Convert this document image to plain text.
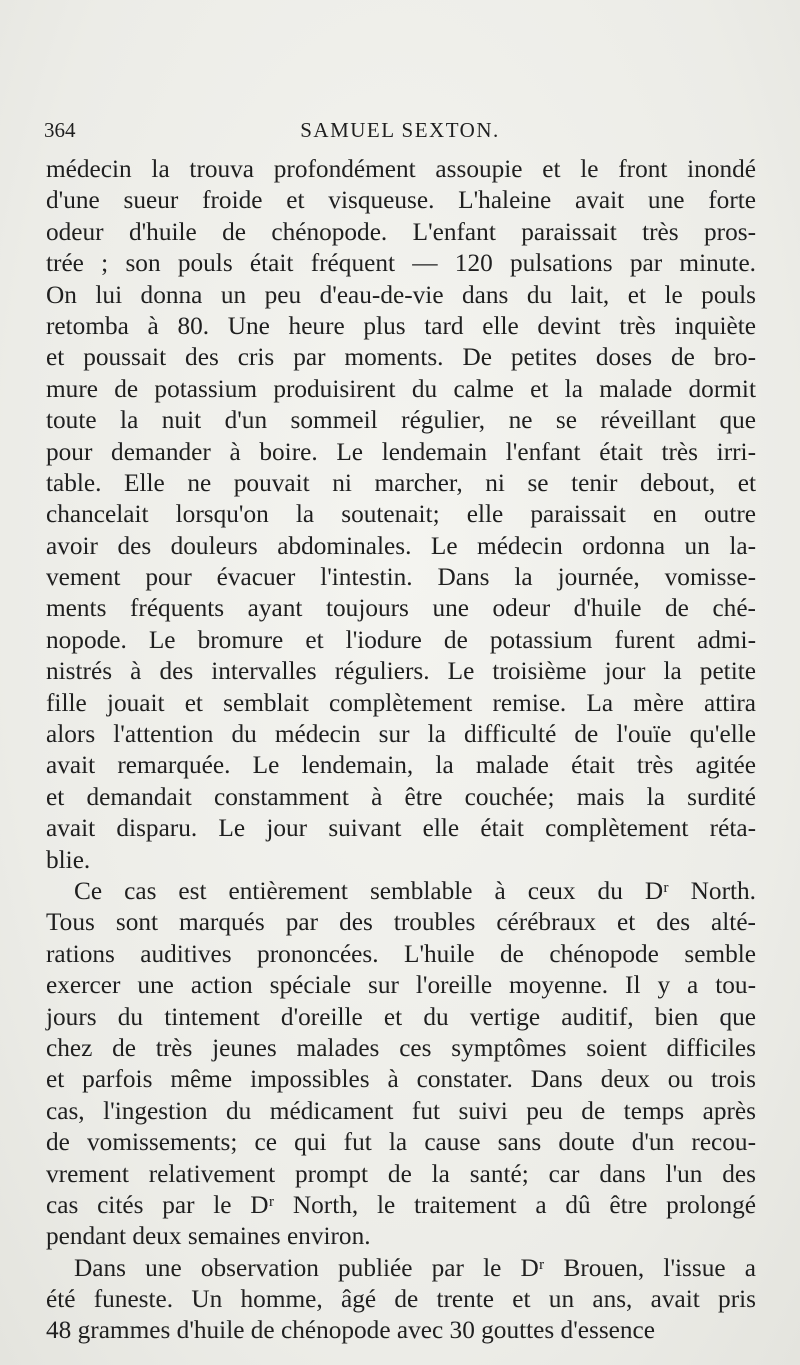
364	SAMUEL SEXTON.
médecin la trouva profondément assoupie et le front inondé
d'une sueur froide et visqueuse. L'haleine avait une forte
odeur d'huile de chénopode. L'enfant paraissait très pros-
trée ; son pouls était fréquent — 120 pulsations par minute.
On lui donna un peu d'eau-de-vie dans du lait, et le pouls
retomba à 80. Une heure plus tard elle devint très inquiète
et poussait des cris par moments. De petites doses de bro-
mure de potassium produisirent du calme et la malade dormit
toute la nuit d'un sommeil régulier, ne se réveillant que
pour demander à boire. Le lendemain l'enfant était très irri-
table. Elle ne pouvait ni marcher, ni se tenir debout, et
chancelait lorsqu'on la soutenait; elle paraissait en outre
avoir des douleurs abdominales. Le médecin ordonna un la-
vement pour évacuer l'intestin. Dans la journée, vomisse-
ments fréquents ayant toujours une odeur d'huile de ché-
nopode. Le bromure et l'iodure de potassium furent admi-
nistrés à des intervalles réguliers. Le troisième jour la petite
fille jouait et semblait complètement remise. La mère attira
alors l'attention du médecin sur la difficulté de l'ouïe qu'elle
avait remarquée. Le lendemain, la malade était très agitée
et demandait constamment à être couchée; mais la surdité
avait disparu. Le jour suivant elle était complètement réta-
blie.
Ce cas est entièrement semblable à ceux du Dʳ North.
Tous sont marqués par des troubles cérébraux et des alté-
rations auditives prononcées. L'huile de chénopode semble
exercer une action spéciale sur l'oreille moyenne. Il y a tou-
jours du tintement d'oreille et du vertige auditif, bien que
chez de très jeunes malades ces symptômes soient difficiles
et parfois même impossibles à constater. Dans deux ou trois
cas, l'ingestion du médicament fut suivi peu de temps après
de vomissements; ce qui fut la cause sans doute d'un recou-
vrement relativement prompt de la santé; car dans l'un des
cas cités par le Dʳ North, le traitement a dû être prolongé
pendant deux semaines environ.
Dans une observation publiée par le Dʳ Brouen, l'issue a
été funeste. Un homme, âgé de trente et un ans, avait pris
48 grammes d'huile de chénopode avec 30 gouttes d'essence
